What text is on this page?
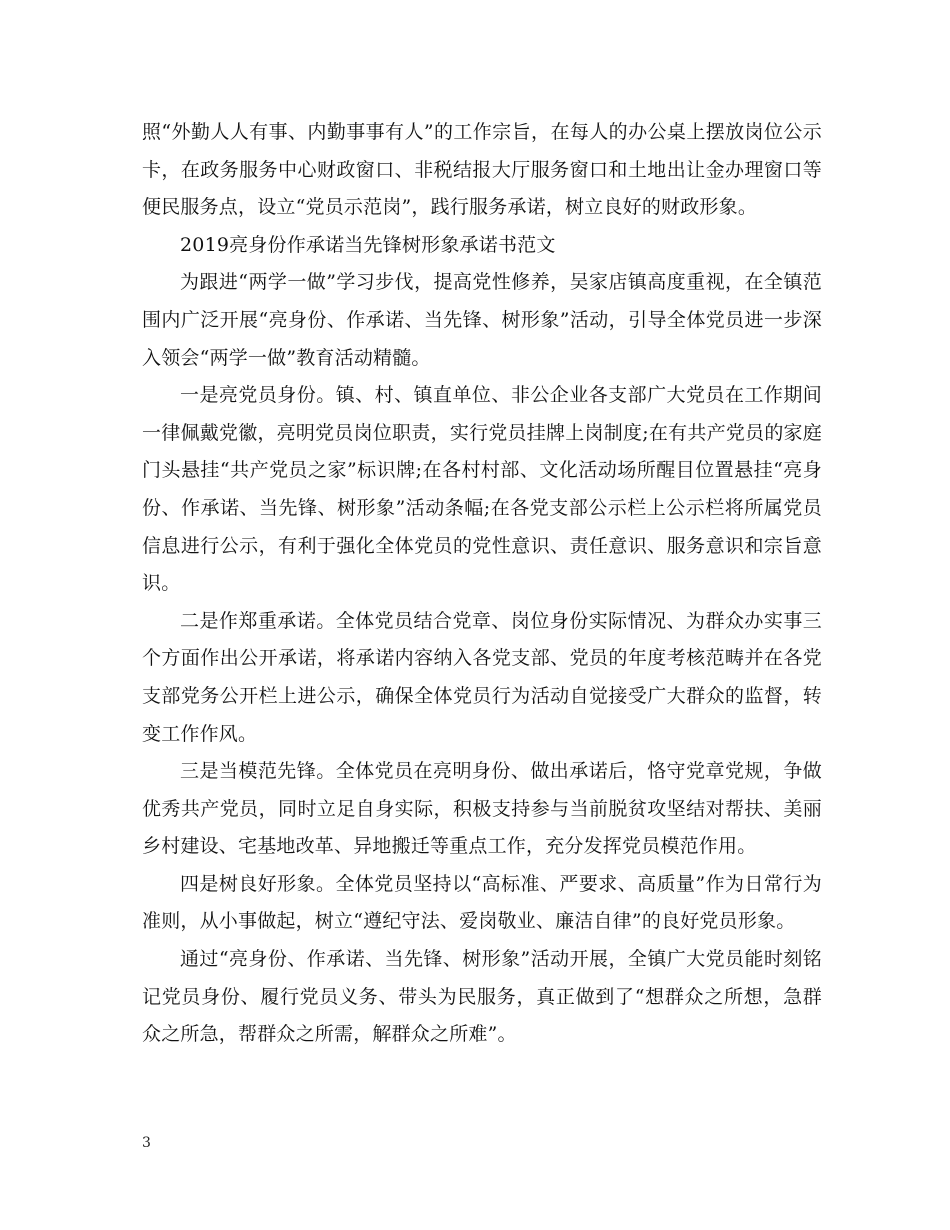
照“外勤人人有事、内勤事事有人”的工作宗旨，在每人的办公桌上摆放岗位公示卡，在政务服务中心财政窗口、非税结报大厅服务窗口和土地出让金办理窗口等便民服务点，设立“党员示范岗”，践行服务承诺，树立良好的财政形象。

2019亮身份作承诺当先锋树形象承诺书范文

为跟进“两学一做”学习步伐，提高党性修养，吴家店镇高度重视，在全镇范围内广泛开展“亮身份、作承诺、当先锋、树形象”活动，引导全体党员进一步深入领会“两学一做”教育活动精髓。

一是亮党员身份。镇、村、镇直单位、非公企业各支部广大党员在工作期间一律佩戴党徽，亮明党员岗位职责，实行党员挂牌上岗制度;在有共产党员的家庭门头悬挂“共产党员之家”标识牌;在各村村部、文化活动场所醒目位置悬挂“亮身份、作承诺、当先锋、树形象”活动条幅;在各党支部公示栏上公示栏将所属党员信息进行公示，有利于强化全体党员的党性意识、责任意识、服务意识和宗旨意识。

二是作郑重承诺。全体党员结合党章、岗位身份实际情况、为群众办实事三个方面作出公开承诺，将承诺内容纳入各党支部、党员的年度考核范畴并在各党支部党务公开栏上进公示，确保全体党员行为活动自觉接受广大群众的监督，转变工作作风。

三是当模范先锋。全体党员在亮明身份、做出承诺后，恪守党章党规，争做优秀共产党员，同时立足自身实际，积极支持参与当前脱贫攻坚结对帮扶、美丽乡村建设、宅基地改革、异地搬迁等重点工作，充分发挥党员模范作用。

四是树良好形象。全体党员坚持以“高标准、严要求、高质量”作为日常行为准则，从小事做起，树立“遵纪守法、爱岗敬业、廉洁自律”的良好党员形象。

通过“亮身份、作承诺、当先锋、树形象”活动开展，全镇广大党员能时刻铭记党员身份、履行党员义务、带头为民服务，真正做到了“想群众之所想，急群众之所急，帮群众之所需，解群众之所难”。

3
